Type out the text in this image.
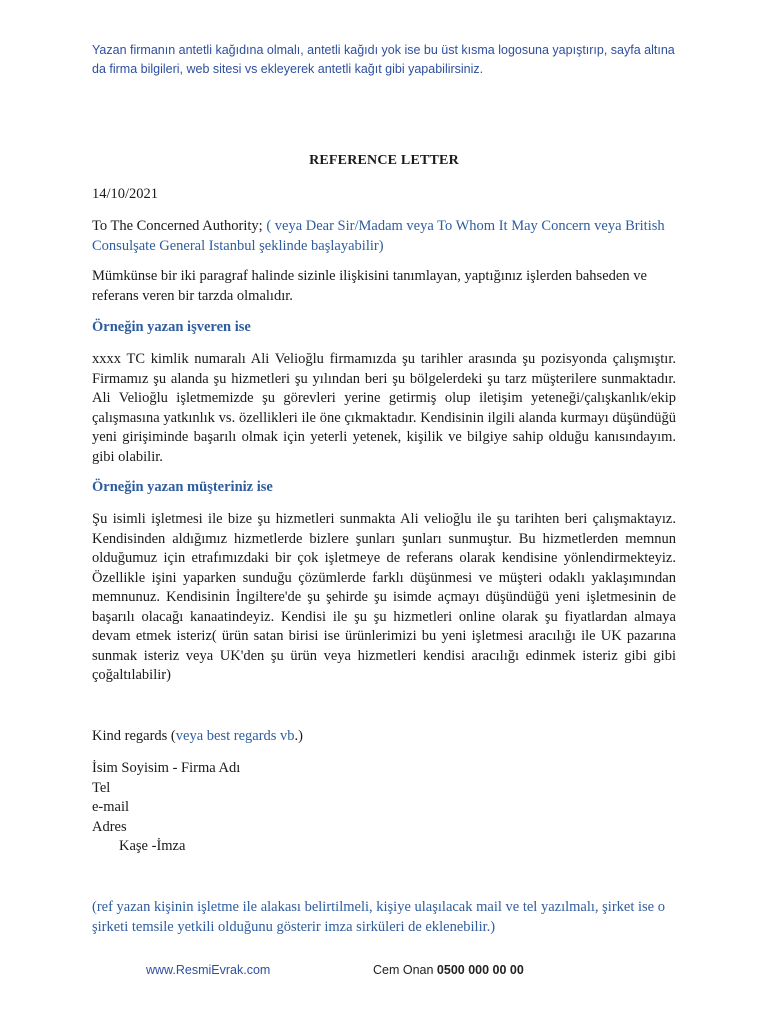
Yazan firmanın antetli kağıdına olmalı, antetli kağıdı yok ise bu üst kısma logosuna yapıştırıp, sayfa altına da firma bilgileri, web sitesi vs ekleyerek antetli kağıt gibi yapabilirsiniz.
REFERENCE LETTER
14/10/2021
To The Concerned Authority; ( veya Dear Sir/Madam veya To Whom It May Concern veya British Consulşate General Istanbul şeklinde başlayabilir)
Mümkünse bir iki paragraf halinde sizinle ilişkisini tanımlayan, yaptığınız işlerden bahseden ve referans veren bir tarzda olmalıdır.
Örneğin yazan işveren ise
xxxx TC kimlik numaralı Ali Velioğlu firmamızda şu tarihler arasında şu pozisyonda çalışmıştır. Firmamız şu alanda şu hizmetleri şu yılından beri şu bölgelerdeki şu tarz müşterilere sunmaktadır. Ali Velioğlu işletmemizde şu görevleri yerine getirmiş olup iletişim yeteneği/çalışkanlık/ekip çalışmasına yatkınlık vs. özellikleri ile öne çıkmaktadır. Kendisinin ilgili alanda kurmayı düşündüğü yeni girişiminde başarılı olmak için yeterli yetenek, kişilik ve bilgiye sahip olduğu kanısındayım. gibi olabilir.
Örneğin yazan müşteriniz ise
Şu isimli işletmesi ile bize şu hizmetleri sunmakta Ali velioğlu ile şu tarihten beri çalışmaktayız. Kendisinden aldığımız hizmetlerde bizlere şunları şunları sunmuştur. Bu hizmetlerden memnun olduğumuz için etrafımızdaki bir çok işletmeye de referans olarak kendisine yönlendirmekteyiz. Özellikle işini yaparken sunduğu çözümlerde farklı düşünmesi ve müşteri odaklı yaklaşımından memnunuz. Kendisinin İngiltere'de şu şehirde şu isimde açmayı düşündüğü yeni işletmesinin de başarılı olacağı kanaatindeyiz. Kendisi ile şu şu hizmetleri online olarak şu fiyatlardan almaya devam etmek isteriz( ürün satan birisi ise ürünlerimizi bu yeni işletmesi aracılığı ile UK pazarına sunmak isteriz veya UK'den şu ürün veya hizmetleri kendisi aracılığı edinmek isteriz gibi gibi çoğaltılabilir)
Kind regards (veya best regards vb.)
İsim Soyisim - Firma Adı
Tel
e-mail
Adres
Kaşe -İmza
(ref yazan kişinin işletme ile alakası belirtilmeli, kişiye ulaşılacak mail ve tel yazılmalı, şirket ise o şirketi temsile yetkili olduğunu gösterir imza sirküleri de eklenebilir.)
www.ResmiEvrak.com	Cem Onan 0500 000 00 00
